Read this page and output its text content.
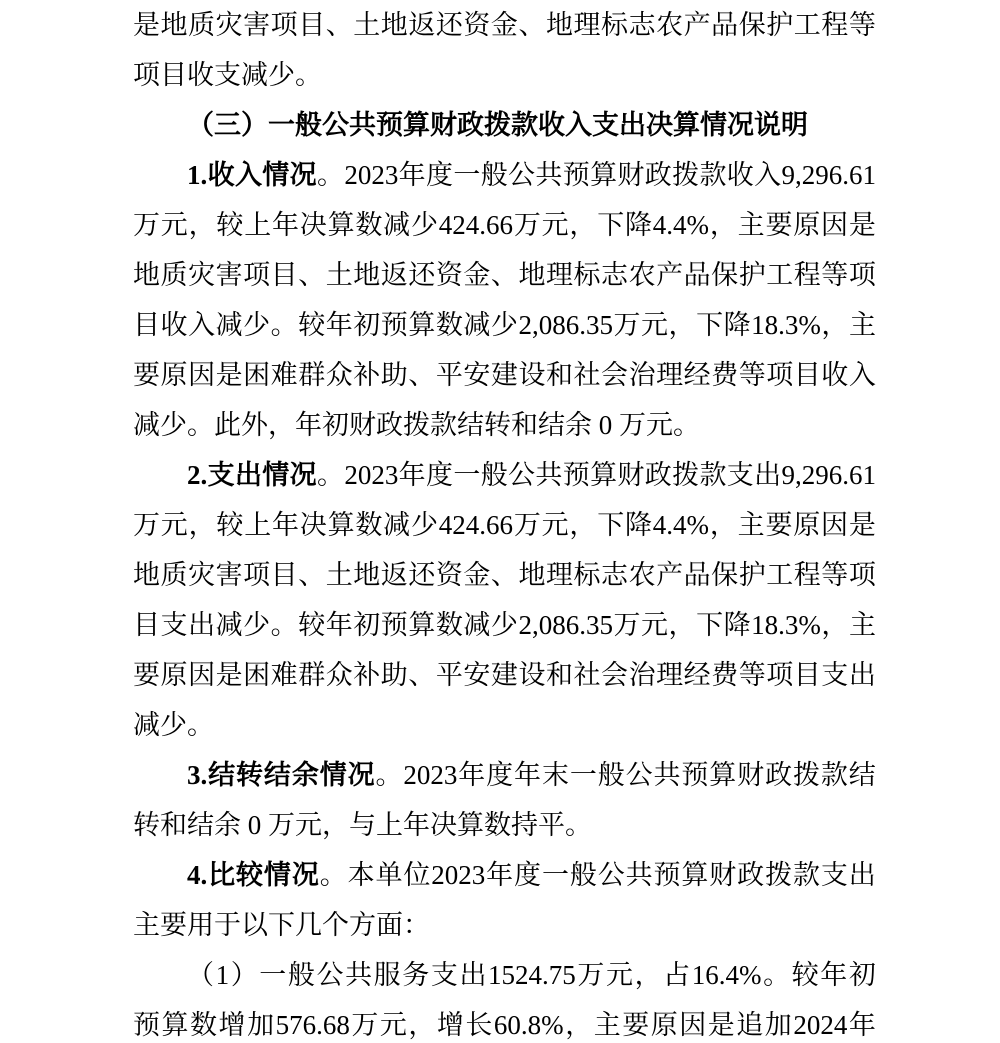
是 地 质 灾 害 项 目 、 土 地 返 还 资 金 、 地 理 标 志 农 产 品 保 护 工 程 等
项目收支减少。
（三）一般公共预算财政拨款收入支出决算情况说明
1. 收 入 情 况 。 2023 年 度 一 般 公 共 预 算 财 政 拨 款 收 入 9,296.61
万 元 ， 较 上 年 决 算 数 减 少 424.66 万 元 ， 下 降 4.4% ， 主 要 原 因 是
地 质 灾 害 项 目 、 土 地 返 还 资 金 、 地 理 标 志 农 产 品 保 护 工 程 等 项
目 收 入 减 少 。 较 年 初 预 算 数 减 少 2,086.35 万 元 ， 下 降 18.3% ， 主
要 原 因 是 困 难 群 众 补 助 、 平 安 建 设 和 社 会 治 理 经 费 等 项 目 收 入
减少。此外，年初财政拨款结转和结余 0 万元。
2. 支 出 情 况 。 2023 年 度 一 般 公 共 预 算 财 政 拨 款 支 出 9,296.61
万 元 ， 较 上 年 决 算 数 减 少 424.66 万 元 ， 下 降 4.4% ， 主 要 原 因 是
地 质 灾 害 项 目 、 土 地 返 还 资 金 、 地 理 标 志 农 产 品 保 护 工 程 等 项
目 支 出 减 少 。 较 年 初 预 算 数 减 少 2,086.35 万 元 ， 下 降 18.3% ， 主
要 原 因 是 困 难 群 众 补 助 、 平 安 建 设 和 社 会 治 理 经 费 等 项 目 支 出
减少。
3. 结 转 结 余 情 况 。 2023 年 度 年 末 一 般 公 共 预 算 财 政 拨 款 结
转和结余 0 万元，与上年决算数持平。
4. 比 较 情 况 。 本 单 位 2023 年 度 一 般 公 共 预 算 财 政 拨 款 支 出
主要用于以下几个方面：
（ 1 ） 一 般 公 共 服 务 支 出 1524.75 万 元 ， 占 16.4% 。 较 年 初
预 算 数 增 加 576.68 万 元 ， 增 长 60.8% ， 主 要 原 因 是 追 加 2024 年
